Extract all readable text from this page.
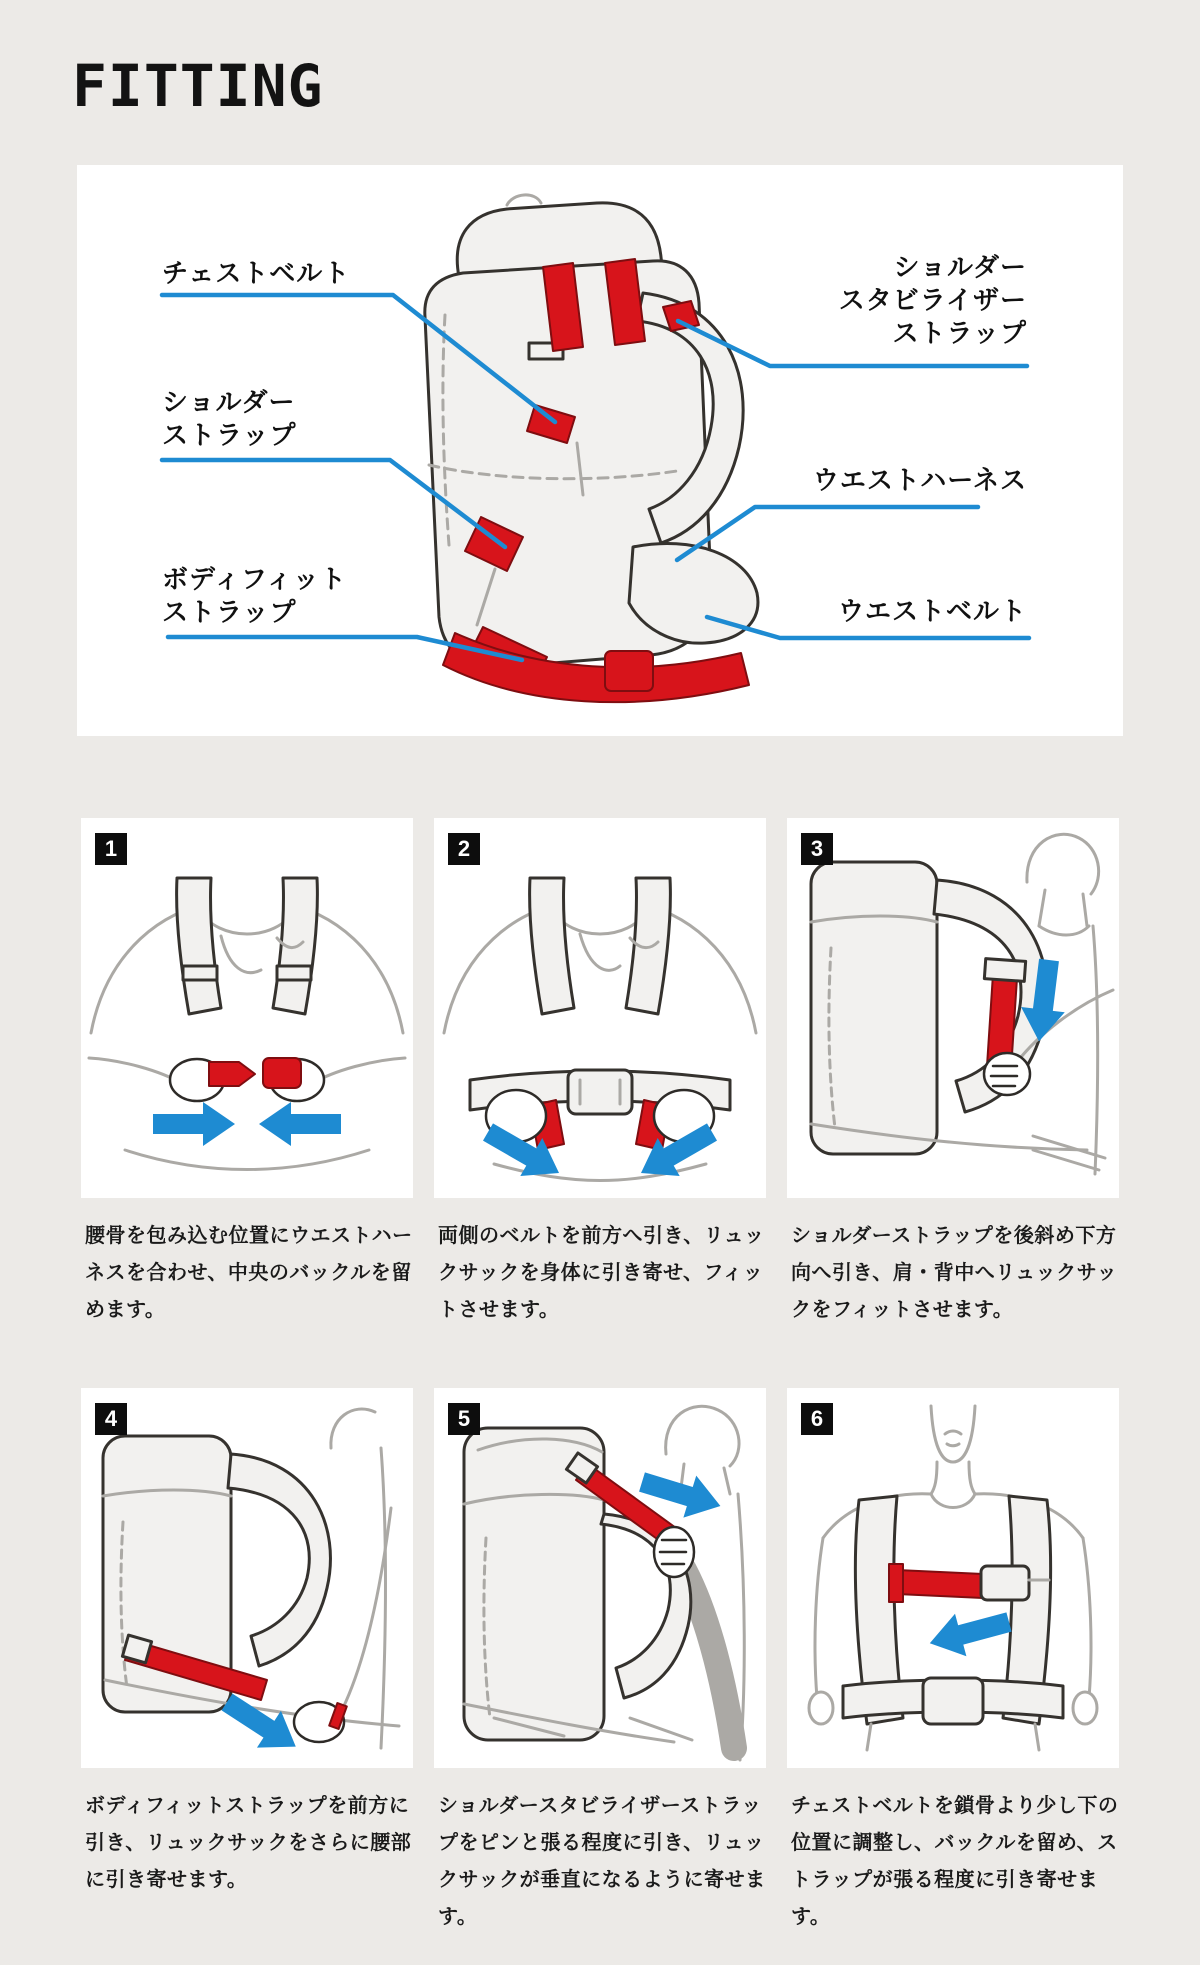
FITTING
チェストベルト
ショルダー
ストラップ
ボディフィット
ストラップ
ショルダー
スタビライザー
ストラップ
ウエストハーネス
ウエストベルト
1	2	3
4	5	6

腰骨を包み込む位置にウエストハーネスを合わせ、中央のバックルを留めます。

両側のベルトを前方へ引き、リュックサックを身体に引き寄せ、フィットさせます。

ショルダーストラップを後斜め下方向へ引き、肩・背中へリュックサックをフィットさせます。

ボディフィットストラップを前方に引き、リュックサックをさらに腰部に引き寄せます。

ショルダースタビライザーストラップをピンと張る程度に引き、リュックサックが垂直になるように寄せます。

チェストベルトを鎖骨より少し下の位置に調整し、バックルを留め、ストラップが張る程度に引き寄せます。
